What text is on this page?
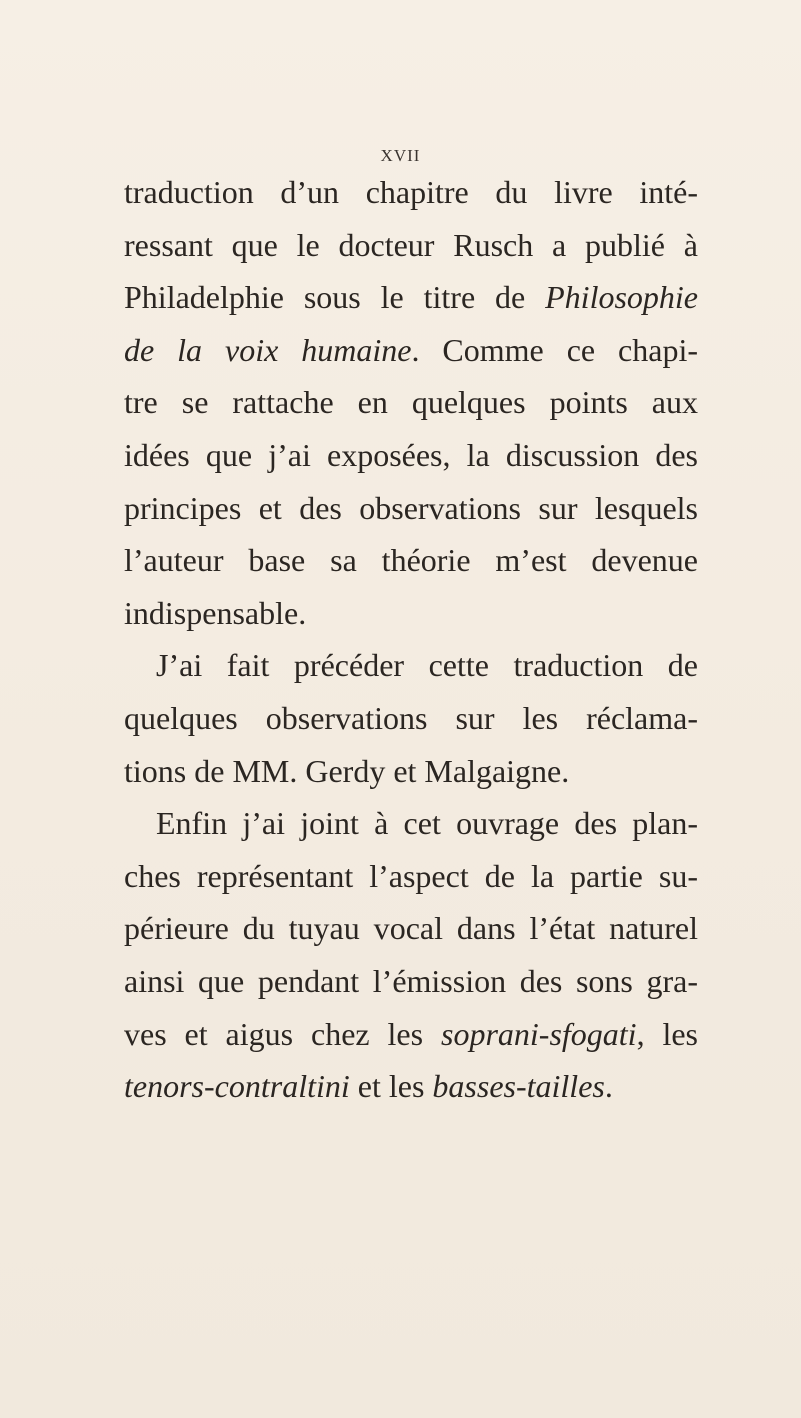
XVII
traduction d’un chapitre du livre inté-
ressant que le docteur Rusch a publié à
Philadelphie sous le titre de Philosophie
de la voix humaine. Comme ce chapi-
tre se rattache en quelques points aux
idées que j’ai exposées, la discussion des
principes et des observations sur lesquels
l’auteur base sa théorie m’est devenue
indispensable.
J’ai fait précéder cette traduction de
quelques observations sur les réclama-
tions de MM. Gerdy et Malgaigne.
Enfin j’ai joint à cet ouvrage des plan-
ches représentant l’aspect de la partie su-
périeure du tuyau vocal dans l’état naturel
ainsi que pendant l’émission des sons gra-
ves et aigus chez les soprani-sfogati, les
tenors-contraltini et les basses-tailles.
